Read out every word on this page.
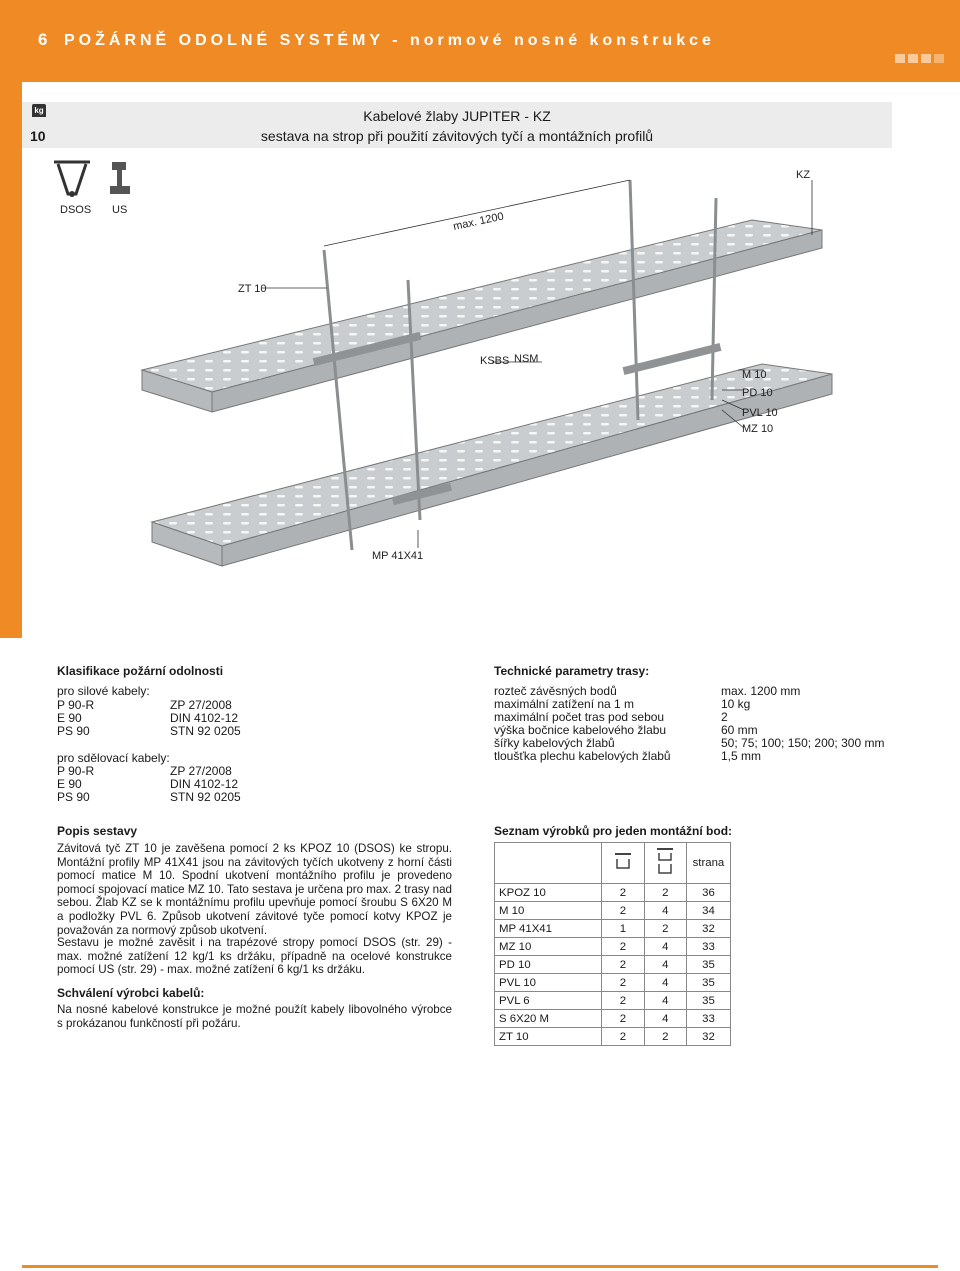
6 POŽÁRNĚ ODOLNÉ SYSTÉMY - normové nosné konstrukce
Kabelové žlaby JUPITER - KZ
sestava na strop při použití závitových tyčí a montážních profilů
kg
10
DSOS US
KZ
max. 1200
ZT 10
KSBS NSM
M 10
PD 10
PVL 10
MZ 10
MP 41X41
Klasifikace požární odolnosti
pro silové kabely:
P 90-R	ZP 27/2008
E 90	DIN 4102-12
PS 90	STN 92 0205
pro sdělovací kabely:
P 90-R	ZP 27/2008
E 90	DIN 4102-12
PS 90	STN 92 0205
Technické parametry trasy:
rozteč závěsných bodů	max. 1200 mm
maximální zatížení na 1 m	10 kg
maximální počet tras pod sebou	2
výška bočnice kabelového žlabu	60 mm
šířky kabelových žlabů	50; 75; 100; 150; 200; 300 mm
tloušťka plechu kabelových žlabů	1,5 mm
Popis sestavy
Závitová tyč ZT 10 je zavěšena pomocí 2 ks KPOZ 10 (DSOS) ke stropu. Montážní profily MP 41X41 jsou na závitových tyčích ukotveny z horní části pomocí matice M 10. Spodní ukotvení montážního profilu je provedeno pomocí spojovací matice MZ 10. Tato sestava je určena pro max. 2 trasy nad sebou. Žlab KZ se k montážnímu profilu upevňuje pomocí šroubu S 6X20 M a podložky PVL 6. Způsob ukotvení závitové tyče pomocí kotvy KPOZ je považován za normový způsob ukotvení.
Sestavu je možné zavěsit i na trapézové stropy pomocí DSOS (str. 29) - max. možné zatížení 12 kg/1 ks držáku, případně na ocelové konstrukce pomocí US (str. 29) - max. možné zatížení 6 kg/1 ks držáku.
Schválení výrobci kabelů:
Na nosné kabelové konstrukce je možné použít kabely libovolného výrobce s prokázanou funkčností při požáru.
Seznam výrobků pro jeden montážní bod:
			strana
KPOZ 10	2	2	36
M 10	2	4	34
MP 41X41	1	2	32
MZ 10	2	4	33
PD 10	2	4	35
PVL 10	2	4	35
PVL 6	2	4	35
S 6X20 M	2	4	33
ZT 10	2	2	32
